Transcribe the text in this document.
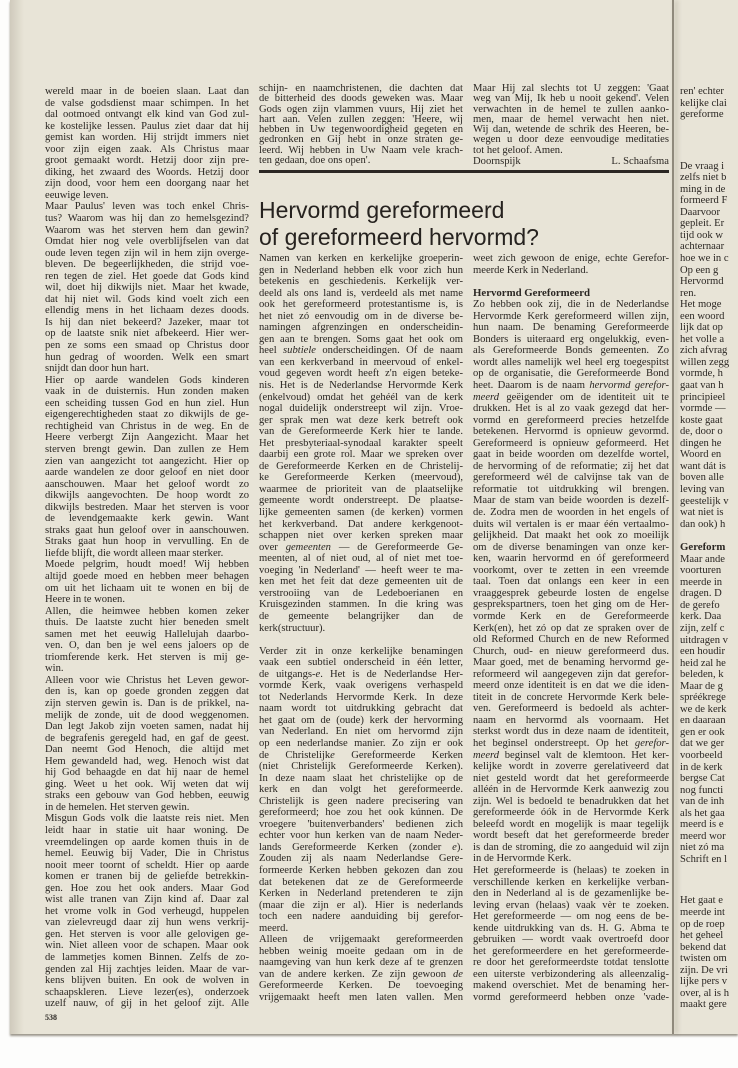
wereld maar in de boeien slaan. Laat dan
de valse godsdienst maar schimpen. In het
dal ootmoed ontvangt elk kind van God zul-
ke kostelijke lessen. Paulus ziet daar dat hij
gemist kan worden. Hij strijdt immers niet
voor zijn eigen zaak. Als Christus maar
groot gemaakt wordt. Hetzij door zijn pre-
diking, het zwaard des Woords. Hetzij door
zijn dood, voor hem een doorgang naar het
eeuwige leven.
Maar Paulus' leven was toch enkel Chris-
tus? Waarom was hij dan zo hemelsgezind?
Waarom was het sterven hem dan gewin?
Omdat hier nog vele overblijfselen van dat
oude leven tegen zijn wil in hem zijn overge-
bleven. De begeerlijkheden, die strijd voe-
ren tegen de ziel. Het goede dat Gods kind
wil, doet hij dikwijls niet. Maar het kwade,
dat hij niet wil. Gods kind voelt zich een
ellendig mens in het lichaam dezes doods.
Is hij dan niet bekeerd? Jazeker, maar tot
op de laatste snik niet afbekeerd. Hier wer-
pen ze soms een smaad op Christus door
hun gedrag of woorden. Welk een smart
snijdt dan door hun hart.
Hier op aarde wandelen Gods kinderen
vaak in de duisternis. Hun zonden maken
een scheiding tussen God en hun ziel. Hun
eigengerechtigheden staat zo dikwijls de ge-
rechtigheid van Christus in de weg. En de
Heere verbergt Zijn Aangezicht. Maar het
sterven brengt gewin. Dan zullen ze Hem
zien van aangezicht tot aangezicht. Hier op
aarde wandelen ze door geloof en niet door
aanschouwen. Maar het geloof wordt zo
dikwijls aangevochten. De hoop wordt zo
dikwijls bestreden. Maar het sterven is voor
de levendgemaakte kerk gewin. Want
straks gaat hun geloof over in aanschouwen.
Straks gaat hun hoop in vervulling. En de
liefde blijft, die wordt alleen maar sterker.
Moede pelgrim, houdt moed! Wij hebben
altijd goede moed en hebben meer behagen
om uit het lichaam uit te wonen en bij de
Heere in te wonen.
Allen, die heimwee hebben komen zeker
thuis. De laatste zucht hier beneden smelt
samen met het eeuwig Hallelujah daarbo-
ven. O, dan ben je wel eens jaloers op de
triomferende kerk. Het sterven is mij ge-
win.
Alleen voor wie Christus het Leven gewor-
den is, kan op goede gronden zeggen dat
zijn sterven gewin is. Dan is de prikkel, na-
melijk de zonde, uit de dood weggenomen.
Dan legt Jakob zijn voeten samen, nadat hij
de begrafenis geregeld had, en gaf de geest.
Dan neemt God Henoch, die altijd met
Hem gewandeld had, weg. Henoch wist dat
hij God behaagde en dat hij naar de hemel
ging. Weet u het ook. Wij weten dat wij
straks een gebouw van God hebben, eeuwig
in de hemelen. Het sterven gewin.
Misgun Gods volk die laatste reis niet. Men
leidt haar in statie uit haar woning. De
vreemdelingen op aarde komen thuis in de
hemel. Eeuwig bij Vader, Die in Christus
nooit meer toornt of scheldt. Hier op aarde
komen er tranen bij de geliefde betrekkin-
gen. Hoe zou het ook anders. Maar God
wist alle tranen van Zijn kind af. Daar zal
het vrome volk in God verheugd, huppelen
van zielevreugd daar zij hun wens verkrij-
gen. Het sterven is voor alle gelovigen ge-
win. Niet alleen voor de schapen. Maar ook
de lammetjes komen Binnen. Zelfs de zo-
genden zal Hij zachtjes leiden. Maar de var-
kens blijven buiten. En ook de wolven in
schaapskleren. Lieve lezer(es), onderzoek
uzelf nauw, of gij in het geloof zijt. Alle
schijn- en naamchristenen, die dachten dat
de bitterheid des doods geweken was. Maar
Gods ogen zijn vlammen vuurs, Hij ziet het
hart aan. Velen zullen zeggen: 'Heere, wij
hebben in Uw tegenwoordigheid gegeten en
gedronken en Gij hebt in onze straten ge-
leerd. Wij hebben in Uw Naam vele krach-
ten gedaan, doe ons open'.
Maar Hij zal slechts tot U zeggen: 'Gaat
weg van Mij, Ik heb u nooit gekend'. Velen
verwachten in de hemel te zullen aanko-
men, maar de hemel verwacht hen niet.
Wij dan, wetende de schrik des Heeren, be-
wegen u door deze eenvoudige meditaties
tot het geloof. Amen.
Doornspijk	L. Schaafsma
Hervormd gereformeerd
of gereformeerd hervormd?
Namen van kerken en kerkelijke groeperin-
gen in Nederland hebben elk voor zich hun
betekenis en geschiedenis. Kerkelijk ver-
deeld als ons land is, verdeeld als met name
ook het gereformeerd protestantisme is, is
het niet zó eenvoudig om in de diverse be-
namingen afgrenzingen en onderscheidin-
gen aan te brengen. Soms gaat het ook om
heel subtiele onderscheidingen. Of de naam
van een kerkverband in meervoud of enkel-
voud gegeven wordt heeft z'n eigen beteke-
nis. Het is de Nederlandse Hervormde Kerk
(enkelvoud) omdat het gehéél van de kerk
nogal duidelijk onderstreept wil zijn. Vroe-
ger sprak men wat deze kerk betreft ook
van de Gereformeerde Kerk hier te lande.
Het presbyteriaal-synodaal karakter speelt
daarbij een grote rol. Maar we spreken over
de Gereformeerde Kerken en de Christelij-
ke Gereformeerde Kerken (meervoud),
waarmee de prioriteit van de plaatselijke
gemeente wordt onderstreept. De plaatse-
lijke gemeenten samen (de kerken) vormen
het kerkverband. Dat andere kerkgenoot-
schappen niet over kerken spreken maar
over gemeenten — de Gereformeerde Ge-
meenten, al of niet oud, al of niet met toe-
voeging 'in Nederland' — heeft weer te ma-
ken met het feit dat deze gemeenten uit de
verstrooiing van de Ledeboerianen en
Kruisgezinden stammen. In die kring was
de gemeente belangrijker dan de
kerk(structuur).
Verder zit in onze kerkelijke benamingen
vaak een subtiel onderscheid in één letter,
de uitgangs-e. Het is de Nederlandse Her-
vormde Kerk, vaak overigens verhaspeld
tot Nederlands Hervormde Kerk. In deze
naam wordt tot uitdrukking gebracht dat
het gaat om de (oude) kerk der hervorming
van Nederland. En niet om hervormd zijn
op een nederlandse manier. Zo zijn er ook
de Christelijke Gereformeerde Kerken
(niet Christelijk Gereformeerde Kerken).
In deze naam slaat het christelijke op de
kerk en dan volgt het gereformeerde.
Christelijk is geen nadere precisering van
gereformeerd; hoe zou het ook kúnnen. De
vroegere 'buitenverbanders' bedienen zich
echter voor hun kerken van de naam Neder-
lands Gereformeerde Kerken (zonder e).
Zouden zij als naam Nederlandse Gere-
formeerde Kerken hebben gekozen dan zou
dat betekenen dat ze de Gereformeerde
Kerken in Nederland pretenderen te zijn
(maar die zijn er al). Hier is nederlands
toch een nadere aanduiding bij gerefor-
meerd.
Alleen de vrijgemaakt gereformeerden
hebben weinig moeite gedaan om in de
naamgeving van hun kerk deze af te grenzen
van de andere kerken. Ze zijn gewoon de
Gereformeerde Kerken. De toevoeging
vrijgemaakt heeft men laten vallen. Men
weet zich gewoon de enige, echte Gerefor-
meerde Kerk in Nederland.
Hervormd Gereformeerd
Zo hebben ook zij, die in de Nederlandse
Hervormde Kerk gereformeerd willen zijn,
hun naam. De benaming Gereformeerde
Bonders is uiteraard erg ongelukkig, even-
als Gereformeerde Bonds gemeenten. Zo
wordt alles namelijk wel heel erg toegespitst
op de organisatie, die Gereformeerde Bond
heet. Daarom is de naam hervormd gerefor-
meerd geëigender om de identiteit uit te
drukken. Het is al zo vaak gezegd dat her-
vormd en gereformeerd precies hetzelfde
betekenen. Hervormd is opnieuw gevormd.
Gereformeerd is opnieuw geformeerd. Het
gaat in beide woorden om dezelfde wortel,
de hervorming of de reformatie; zij het dat
gereformeerd wél de calvijnse tak van de
reformatie tot uitdrukking wil brengen.
Maar de stam van beide woorden is dezelf-
de. Zodra men de woorden in het engels of
duits wil vertalen is er maar één vertaalmo-
gelijkheid. Dat maakt het ook zo moeilijk
om de diverse benamingen van onze ker-
ken, waarin hervormd en óf gereformeerd
voorkomt, over te zetten in een vreemde
taal. Toen dat onlangs een keer in een
vraaggesprek gebeurde losten de engelse
gesprekspartners, toen het ging om de Her-
vormde Kerk en de Gereformeerde
Kerk(en), het zó op dat ze spraken over de
old Reformed Church en de new Reformed
Church, oud- en nieuw gereformeerd dus.
Maar goed, met de benaming hervormd ge-
reformeerd wil aangegeven zijn dat gerefor-
meerd onze identiteit is en dat we die iden-
titeit in de concrete Hervormde Kerk bele-
ven. Gereformeerd is bedoeld als achter-
naam en hervormd als voornaam. Het
sterkst wordt dus in deze naam de identiteit,
het beginsel onderstreept. Op het gerefor-
meerd beginsel valt de klemtoon. Het ker-
kelijke wordt in zoverre gerelativeerd dat
niet gesteld wordt dat het gereformeerde
alléén in de Hervormde Kerk aanwezig zou
zijn. Wel is bedoeld te benadrukken dat het
gereformeerde óók in de Hervormde Kerk
beleefd wordt en mogelijk is maar tegelijk
wordt beseft dat het gereformeerde breder
is dan de stroming, die zo aangeduid wil zijn
in de Hervormde Kerk.
Het gereformeerde is (helaas) te zoeken in
verschillende kerken en kerkelijke verban-
den in Nederland al is de gezamenlijke be-
leving ervan (helaas) vaak vèr te zoeken.
Het gereformeerde — om nog eens de be-
kende uitdrukking van ds. H. G. Abma te
gebruiken — wordt vaak overtroefd door
het gereformeerdere en het gereformeerde-
re door het gereformeerdste totdat tenslotte
een uiterste verbizondering als alleenzalig-
makend overschiet. Met de benaming her-
vormd gereformeerd hebben onze 'vade-
ren' echter
kelijke clai
gereforme
De vraag i
zelfs niet b
ming in de
formeerd F
Daarvoor
gepleit. Er
tijd ook w
achternaar
hoe we in c
Op een g
Hervormd
ren.
Het moge
een woord
lijk dat op
het volle a
zich afvrag
willen zegg
vormde, h
gaat van h
principieel
vormde —
koste gaat
de, door o
dingen he
Woord en
want dát is
boven alle
leving van
geestelijk v
wat niet is
dan ook) h
Gereform
Maar ande
voorturen
meerde in
dragen. D
de gerefo
kerk. Daa
zijn, zelf c
uitdragen v
een houdir
heid zal he
beleden, k
Maar de g
spréékrege
we de kerk
en daaraan
gen er ook
dat we ger
voorbeeld
in de kerk
bergse Cat
nog functi
van de inh
als het gaa
meerd is e
meerd wor
niet zó ma
Schrift en l
Het gaat e
meerde int
op de roep
het geheel
bekend dat
twisten om
zijn. De vri
lijke pers v
over, al is h
maakt gere
538
